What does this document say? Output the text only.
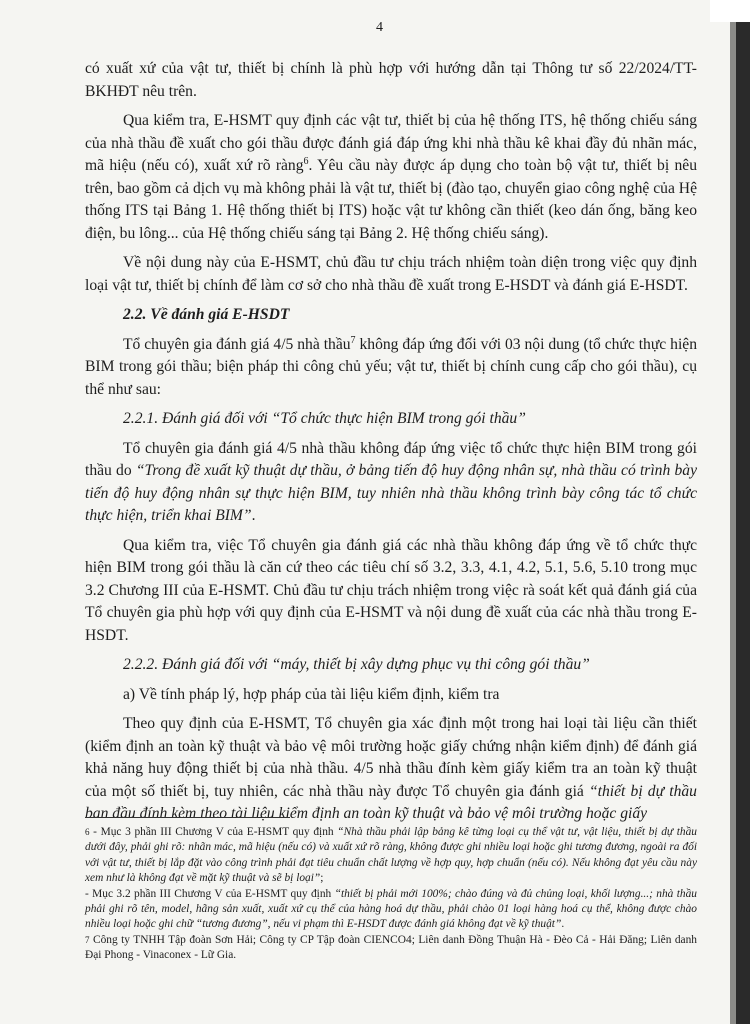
4

có xuất xứ của vật tư, thiết bị chính là phù hợp với hướng dẫn tại Thông tư số 22/2024/TT-BKHĐT nêu trên.

Qua kiểm tra, E-HSMT quy định các vật tư, thiết bị của hệ thống ITS, hệ thống chiếu sáng của nhà thầu đề xuất cho gói thầu được đánh giá đáp ứng khi nhà thầu kê khai đầy đủ nhãn mác, mã hiệu (nếu có), xuất xứ rõ ràng$^6$. Yêu cầu này được áp dụng cho toàn bộ vật tư, thiết bị nêu trên, bao gồm cả dịch vụ mà không phải là vật tư, thiết bị (đào tạo, chuyển giao công nghệ của Hệ thống ITS tại Bảng 1. Hệ thống thiết bị ITS) hoặc vật tư không cần thiết (keo dán ống, băng keo điện, bu lông... của Hệ thống chiếu sáng tại Bảng 2. Hệ thống chiếu sáng).

Về nội dung này của E-HSMT, chủ đầu tư chịu trách nhiệm toàn diện trong việc quy định loại vật tư, thiết bị chính để làm cơ sở cho nhà thầu đề xuất trong E-HSDT và đánh giá E-HSDT.

2.2. Về đánh giá E-HSDT

Tổ chuyên gia đánh giá 4/5 nhà thầu$^7$ không đáp ứng đối với 03 nội dung (tổ chức thực hiện BIM trong gói thầu; biện pháp thi công chủ yếu; vật tư, thiết bị chính cung cấp cho gói thầu), cụ thể như sau:

2.2.1. Đánh giá đối với “Tổ chức thực hiện BIM trong gói thầu”

Tổ chuyên gia đánh giá 4/5 nhà thầu không đáp ứng việc tổ chức thực hiện BIM trong gói thầu do “Trong đề xuất kỹ thuật dự thầu, ở bảng tiến độ huy động nhân sự, nhà thầu có trình bày tiến độ huy động nhân sự thực hiện BIM, tuy nhiên nhà thầu không trình bày công tác tổ chức thực hiện, triển khai BIM”.

Qua kiểm tra, việc Tổ chuyên gia đánh giá các nhà thầu không đáp ứng về tổ chức thực hiện BIM trong gói thầu là căn cứ theo các tiêu chí số 3.2, 3.3, 4.1, 4.2, 5.1, 5.6, 5.10 trong mục 3.2 Chương III của E-HSMT. Chủ đầu tư chịu trách nhiệm trong việc rà soát kết quả đánh giá của Tổ chuyên gia phù hợp với quy định của E-HSMT và nội dung đề xuất của các nhà thầu trong E-HSDT.

2.2.2. Đánh giá đối với “máy, thiết bị xây dựng phục vụ thi công gói thầu”

a) Về tính pháp lý, hợp pháp của tài liệu kiểm định, kiểm tra

Theo quy định của E-HSMT, Tổ chuyên gia xác định một trong hai loại tài liệu cần thiết (kiểm định an toàn kỹ thuật và bảo vệ môi trường hoặc giấy chứng nhận kiểm định) để đánh giá khả năng huy động thiết bị của nhà thầu. 4/5 nhà thầu đính kèm giấy kiểm tra an toàn kỹ thuật của một số thiết bị, tuy nhiên, các nhà thầu này được Tổ chuyên gia đánh giá “thiết bị dự thầu ban đầu đính kèm theo tài liệu kiểm định an toàn kỹ thuật và bảo vệ môi trường hoặc giấy

6 - Mục 3 phần III Chương V của E-HSMT quy định “Nhà thầu phải lập bảng kê từng loại cụ thể vật tư, vật liệu, thiết bị dự thầu dưới đây, phải ghi rõ: nhãn mác, mã hiệu (nếu có) và xuất xứ rõ ràng, không được ghi nhiều loại hoặc ghi tương đương, ngoài ra đối với vật tư, thiết bị lắp đặt vào công trình phải đạt tiêu chuẩn chất lượng về hợp quy, hợp chuẩn (nếu có). Nếu không đạt yêu cầu này xem như là không đạt về mặt kỹ thuật và sẽ bị loại”;

- Mục 3.2 phần III Chương V của E-HSMT quy định “thiết bị phải mới 100%; chào đúng và đủ chủng loại, khối lượng...; nhà thầu phải ghi rõ tên, model, hãng sản xuất, xuất xứ cụ thể của hàng hoá dự thầu, phải chào 01 loại hàng hoá cụ thể, không được chào nhiều loại hoặc ghi chữ “tương đương”, nếu vi phạm thì E-HSDT được đánh giá không đạt về kỹ thuật”.

7 Công ty TNHH Tập đoàn Sơn Hải; Công ty CP Tập đoàn CIENCO4; Liên danh Đồng Thuận Hà - Đèo Cả - Hải Đăng; Liên danh Đại Phong - Vinaconex - Lữ Gia.
